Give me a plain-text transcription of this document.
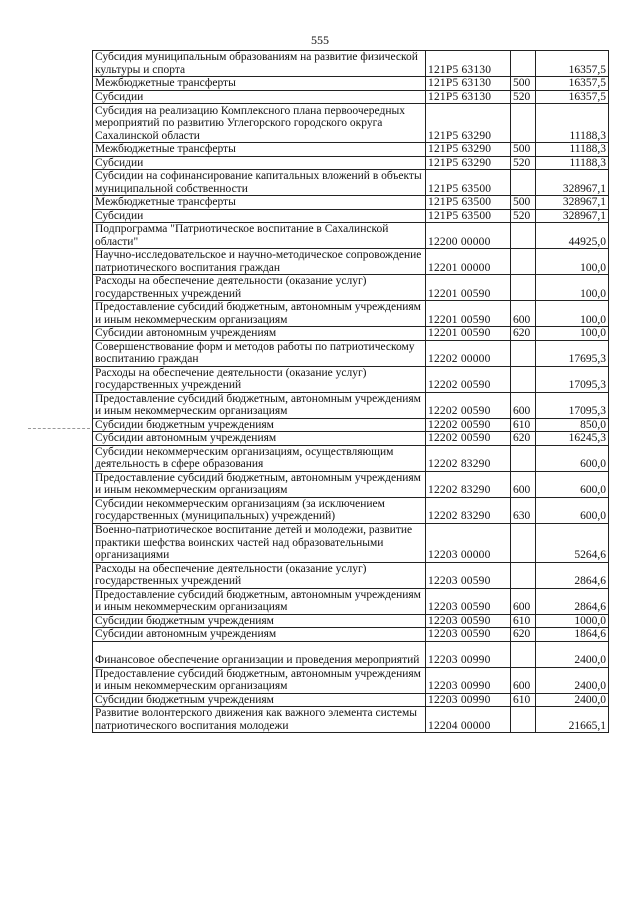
555
Субсидия муниципальным образованиям на развитие физической культуры и спорта	121P5 63130		16357,5
Межбюджетные трансферты	121P5 63130	500	16357,5
Субсидии	121P5 63130	520	16357,5
Субсидия на реализацию Комплексного плана первоочередных мероприятий по развитию Углегорского городского округа Сахалинской области	121P5 63290		11188,3
Межбюджетные трансферты	121P5 63290	500	11188,3
Субсидии	121P5 63290	520	11188,3
Субсидии на софинансирование капитальных вложений в объекты муниципальной собственности	121P5 63500		328967,1
Межбюджетные трансферты	121P5 63500	500	328967,1
Субсидии	121P5 63500	520	328967,1
Подпрограмма "Патриотическое воспитание в Сахалинской области"	12200 00000		44925,0
Научно-исследовательское и научно-методическое сопровождение патриотического воспитания граждан	12201 00000		100,0
Расходы на обеспечение деятельности (оказание услуг) государственных учреждений	12201 00590		100,0
Предоставление субсидий бюджетным, автономным учреждениям и иным некоммерческим организациям	12201 00590	600	100,0
Субсидии автономным учреждениям	12201 00590	620	100,0
Совершенствование форм и методов работы по патриотическому воспитанию граждан	12202 00000		17695,3
Расходы на обеспечение деятельности (оказание услуг) государственных учреждений	12202 00590		17095,3
Предоставление субсидий бюджетным, автономным учреждениям и иным некоммерческим организациям	12202 00590	600	17095,3
Субсидии бюджетным учреждениям	12202 00590	610	850,0
Субсидии автономным учреждениям	12202 00590	620	16245,3
Субсидии некоммерческим организациям, осуществляющим деятельность в сфере образования	12202 83290		600,0
Предоставление субсидий бюджетным, автономным учреждениям и иным некоммерческим организациям	12202 83290	600	600,0
Субсидии некоммерческим организациям (за исключением государственных (муниципальных) учреждений)	12202 83290	630	600,0
Военно-патриотическое воспитание детей и молодежи, развитие практики шефства воинских частей над образовательными организациями	12203 00000		5264,6
Расходы на обеспечение деятельности (оказание услуг) государственных учреждений	12203 00590		2864,6
Предоставление субсидий бюджетным, автономным учреждениям и иным некоммерческим организациям	12203 00590	600	2864,6
Субсидии бюджетным учреждениям	12203 00590	610	1000,0
Субсидии автономным учреждениям	12203 00590	620	1864,6
Финансовое обеспечение организации и проведения мероприятий	12203 00990		2400,0
Предоставление субсидий бюджетным, автономным учреждениям и иным некоммерческим организациям	12203 00990	600	2400,0
Субсидии бюджетным учреждениям	12203 00990	610	2400,0
Развитие волонтерского движения как важного элемента системы патриотического воспитания молодежи	12204 00000		21665,1
